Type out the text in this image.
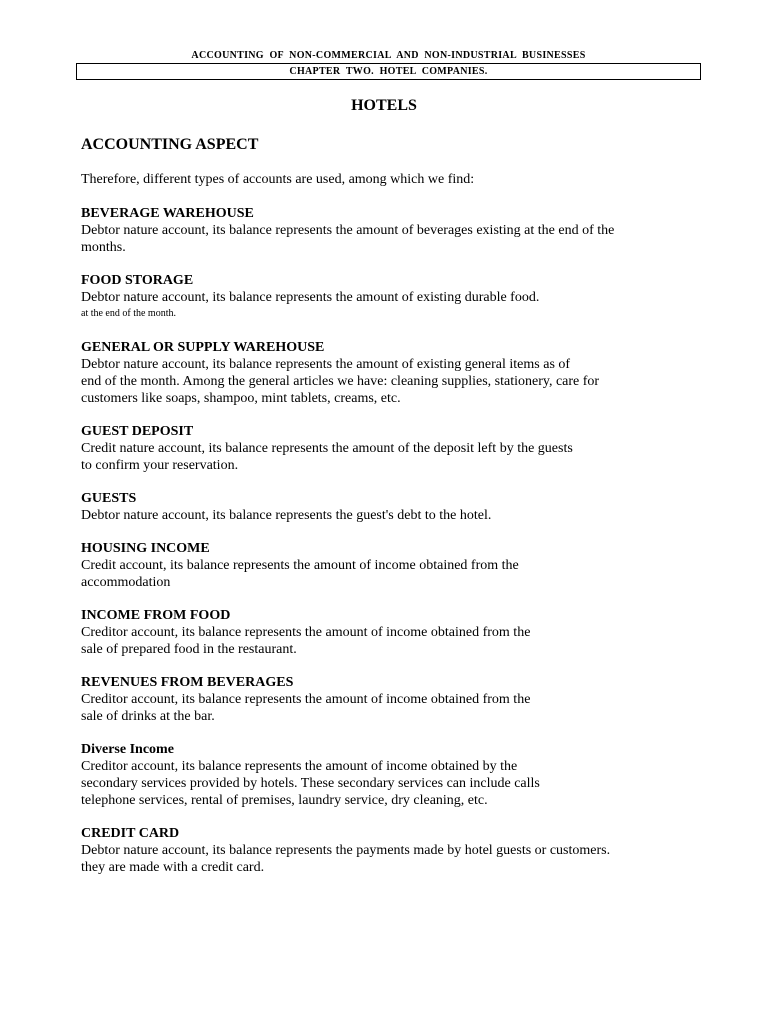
ACCOUNTING  OF  NON-COMMERCIAL  AND  NON-INDUSTRIAL  BUSINESSES
CHAPTER  TWO.  HOTEL  COMPANIES.
HOTELS
ACCOUNTING ASPECT
Therefore, different types of accounts are used, among which we find:
BEVERAGE WAREHOUSE
Debtor nature account, its balance represents the amount of beverages existing at the end of the
months.
FOOD STORAGE
Debtor nature account, its balance represents the amount of existing durable food.
at the end of the month.
GENERAL OR SUPPLY WAREHOUSE
Debtor nature account, its balance represents the amount of existing general items as of
end of the month. Among the general articles we have: cleaning supplies, stationery, care for
customers like soaps, shampoo, mint tablets, creams, etc.
GUEST DEPOSIT
Credit nature account, its balance represents the amount of the deposit left by the guests
to confirm your reservation.
GUESTS
Debtor nature account, its balance represents the guest's debt to the hotel.
HOUSING INCOME
Credit account, its balance represents the amount of income obtained from the
accommodation
INCOME FROM FOOD
Creditor account, its balance represents the amount of income obtained from the
sale of prepared food in the restaurant.
REVENUES FROM BEVERAGES
Creditor account, its balance represents the amount of income obtained from the
sale of drinks at the bar.
Diverse Income
Creditor account, its balance represents the amount of income obtained by the
secondary services provided by hotels. These secondary services can include calls
telephone services, rental of premises, laundry service, dry cleaning, etc.
CREDIT CARD
Debtor nature account, its balance represents the payments made by hotel guests or customers.
they are made with a credit card.
